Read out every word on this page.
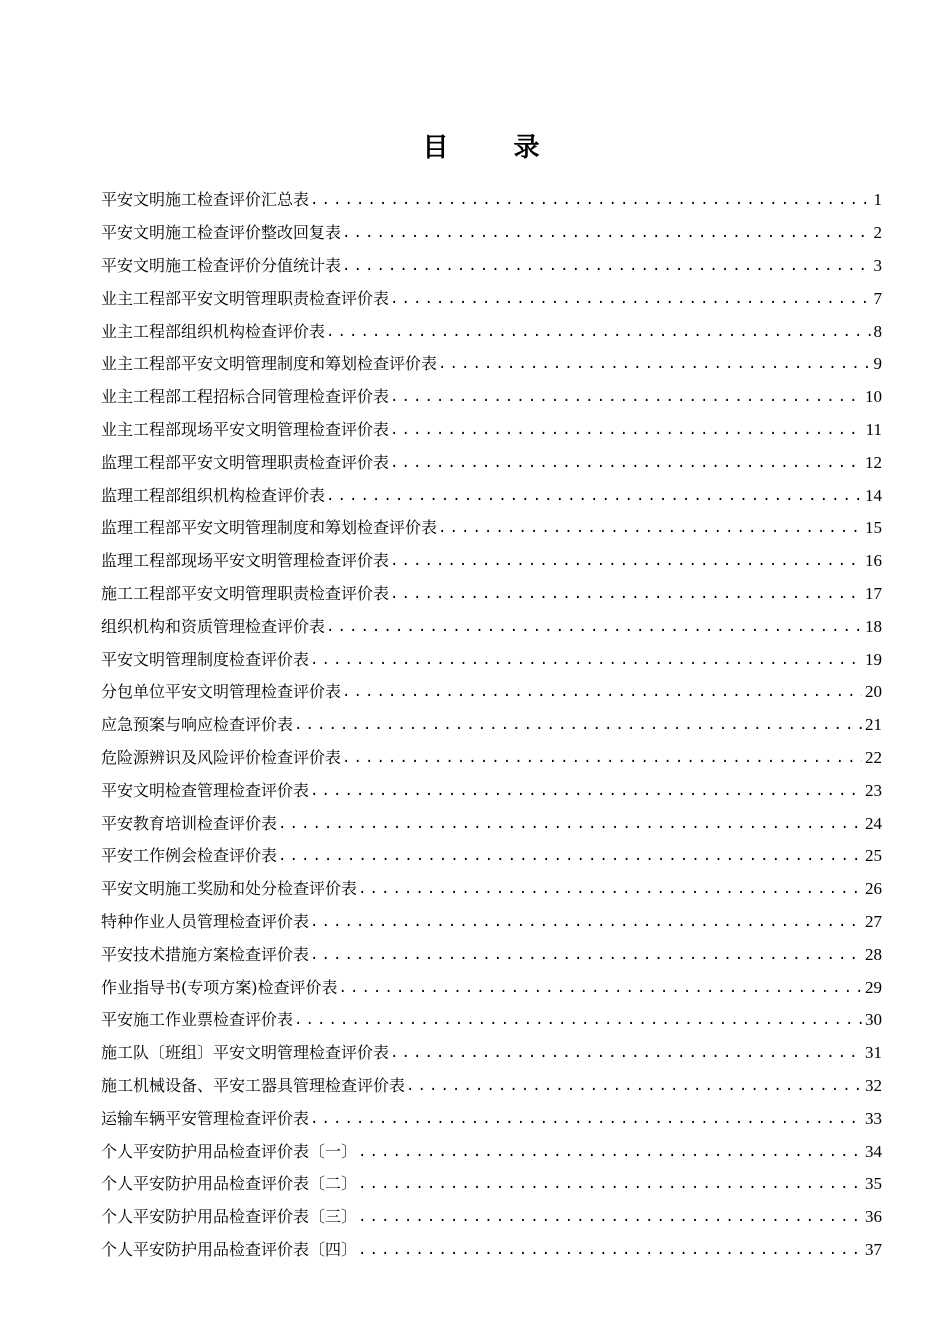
目 录
平安文明施工检查评价汇总表 .....	1
平安文明施工检查评价整改回复表 .....	2
平安文明施工检查评价分值统计表 .....	3
业主工程部平安文明管理职责检查评价表 .....	7
业主工程部组织机构检查评价表 .....	8
业主工程部平安文明管理制度和筹划检查评价表 .....	9
业主工程部工程招标合同管理检查评价表 .....	10
业主工程部现场平安文明管理检查评价表 .....	11
监理工程部平安文明管理职责检查评价表 .....	12
监理工程部组织机构检查评价表 .....	14
监理工程部平安文明管理制度和筹划检查评价表 .....	15
监理工程部现场平安文明管理检查评价表 .....	16
施工工程部平安文明管理职责检查评价表 .....	17
组织机构和资质管理检查评价表 .....	18
平安文明管理制度检查评价表 .....	19
分包单位平安文明管理检查评价表 .....	20
应急预案与响应检查评价表 .....	21
危险源辨识及风险评价检查评价表 .....	22
平安文明检查管理检查评价表 .....	23
平安教育培训检查评价表 .....	24
平安工作例会检查评价表 .....	25
平安文明施工奖励和处分检查评价表 .....	26
特种作业人员管理检查评价表 .....	27
平安技术措施方案检查评价表 .....	28
作业指导书(专项方案)检查评价表 .....	29
平安施工作业票检查评价表 .....	30
施工队〔班组〕平安文明管理检查评价表 .....	31
施工机械设备、平安工器具管理检查评价表 .....	32
运输车辆平安管理检查评价表 .....	33
个人平安防护用品检查评价表〔一〕 .....	34
个人平安防护用品检查评价表〔二〕 .....	35
个人平安防护用品检查评价表〔三〕 .....	36
个人平安防护用品检查评价表〔四〕 .....	37
